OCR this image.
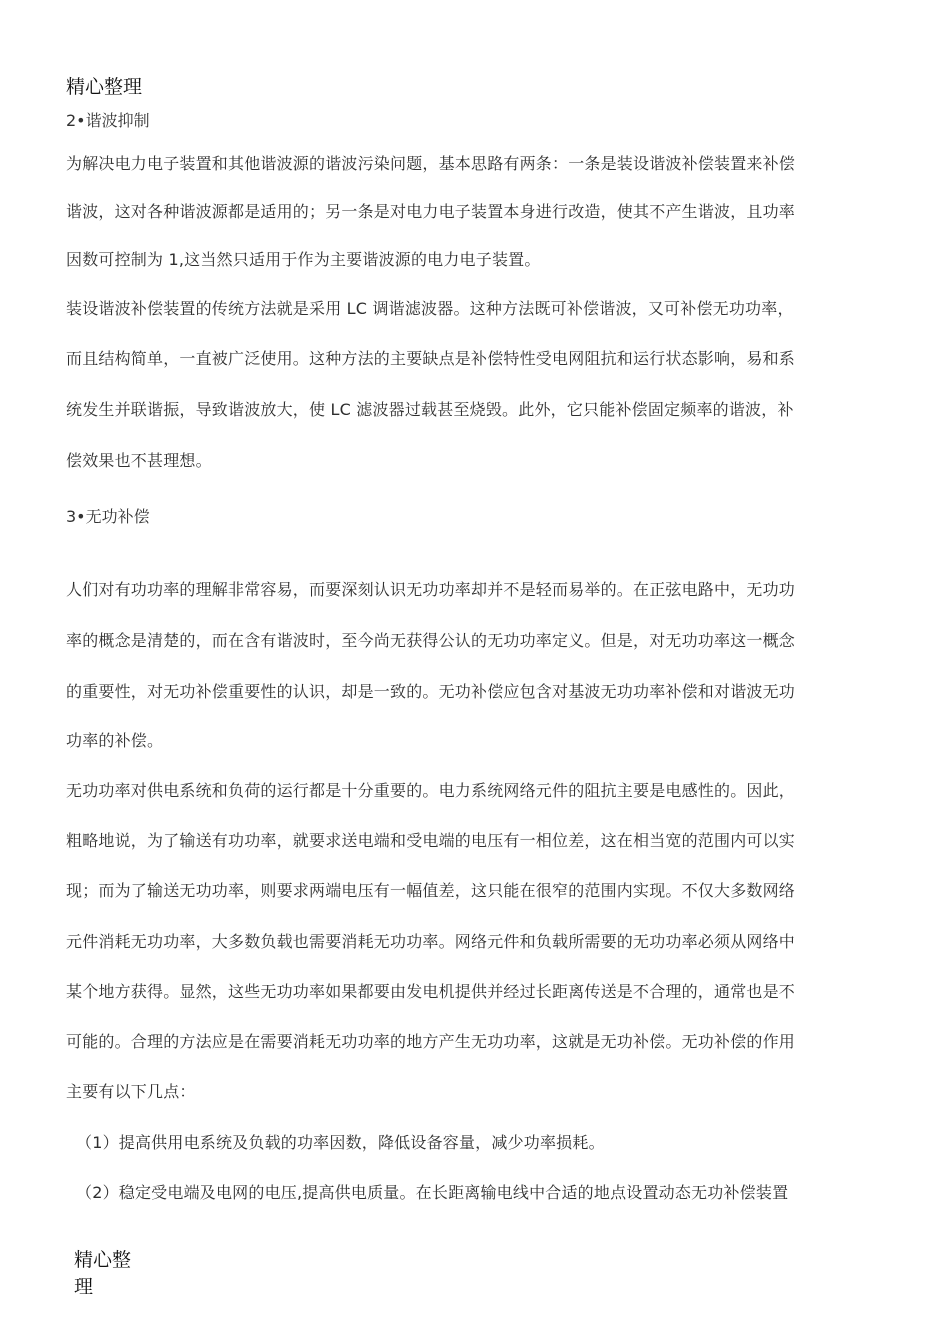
精心整理
2•谐波抑制
为解决电力电子装置和其他谐波源的谐波污染问题，基本思路有两条：一条是装设谐波补偿装置来补偿
谐波，这对各种谐波源都是适用的；另一条是对电力电子装置本身进行改造，使其不产生谐波，且功率
因数可控制为 1,这当然只适用于作为主要谐波源的电力电子装置。
装设谐波补偿装置的传统方法就是采用 LC 调谐滤波器。这种方法既可补偿谐波，又可补偿无功功率，
而且结构简单，一直被广泛使用。这种方法的主要缺点是补偿特性受电网阻抗和运行状态影响，易和系
统发生并联谐振，导致谐波放大，使 LC 滤波器过载甚至烧毁。此外，它只能补偿固定频率的谐波，补
偿效果也不甚理想。
3•无功补偿
人们对有功功率的理解非常容易，而要深刻认识无功功率却并不是轻而易举的。在正弦电路中，无功功
率的概念是清楚的，而在含有谐波时，至今尚无获得公认的无功功率定义。但是，对无功功率这一概念
的重要性，对无功补偿重要性的认识，却是一致的。无功补偿应包含对基波无功功率补偿和对谐波无功
功率的补偿。
无功功率对供电系统和负荷的运行都是十分重要的。电力系统网络元件的阻抗主要是电感性的。因此，
粗略地说，为了输送有功功率，就要求送电端和受电端的电压有一相位差，这在相当宽的范围内可以实
现；而为了输送无功功率，则要求两端电压有一幅值差，这只能在很窄的范围内实现。不仅大多数网络
元件消耗无功功率，大多数负载也需要消耗无功功率。网络元件和负载所需要的无功功率必须从网络中
某个地方获得。显然，这些无功功率如果都要由发电机提供并经过长距离传送是不合理的，通常也是不
可能的。合理的方法应是在需要消耗无功功率的地方产生无功功率，这就是无功补偿。无功补偿的作用
主要有以下几点：
（1）提高供用电系统及负载的功率因数，降低设备容量，减少功率损耗。
（2）稳定受电端及电网的电压,提高供电质量。在长距离输电线中合适的地点设置动态无功补偿装置
精心整理
